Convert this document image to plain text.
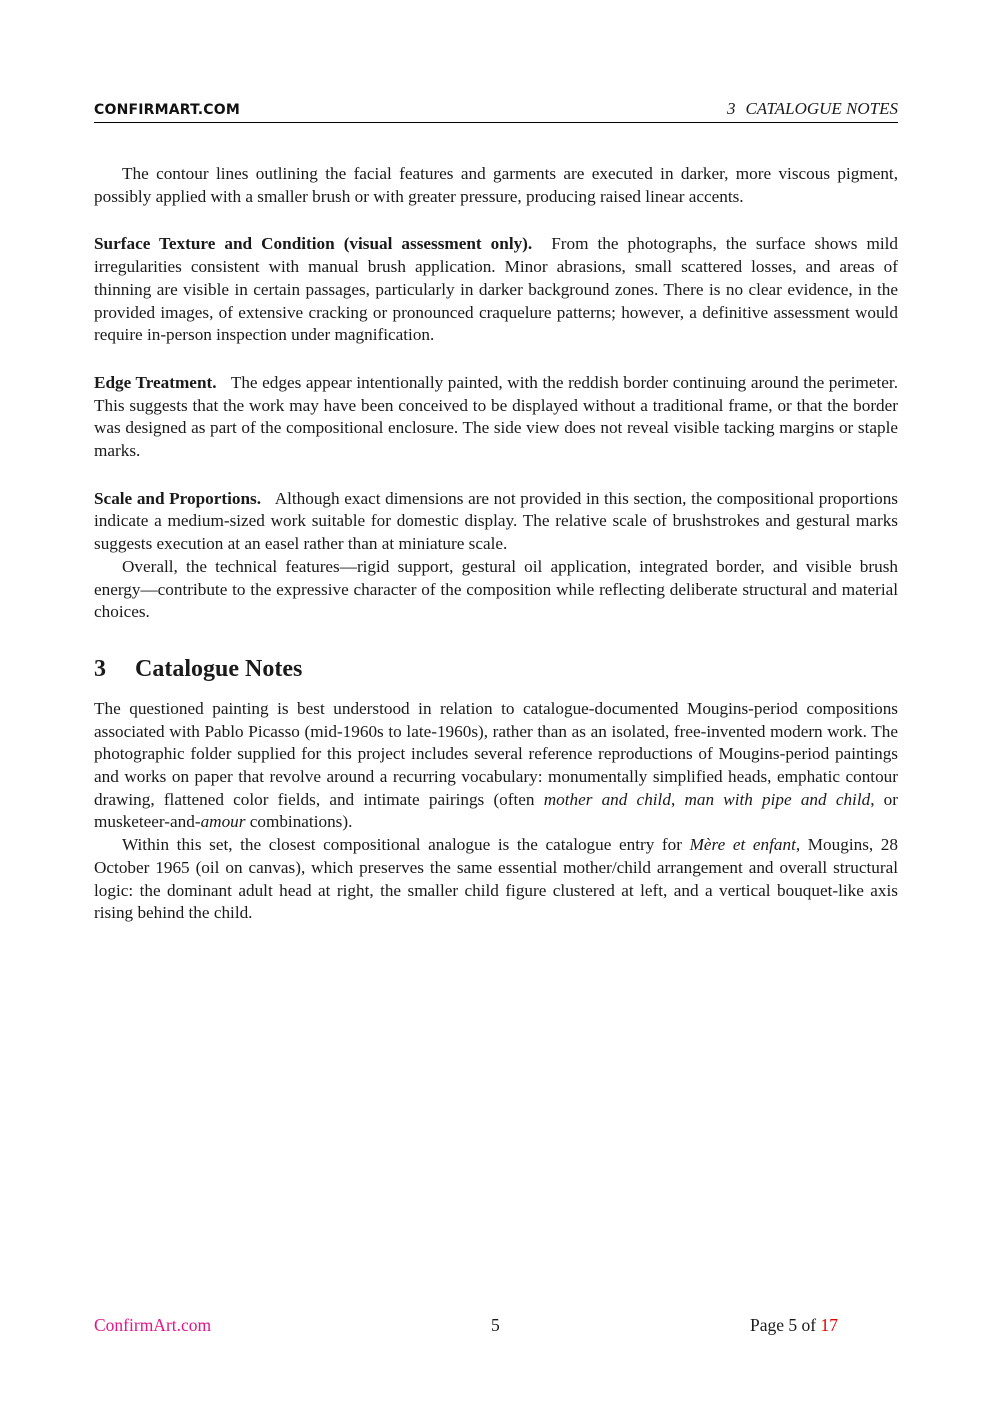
CONFIRMART.COM	3 CATALOGUE NOTES

The contour lines outlining the facial features and garments are executed in darker, more viscous pigment, possibly applied with a smaller brush or with greater pressure, producing raised linear accents.

Surface Texture and Condition (visual assessment only). From the photographs, the surface shows mild irregularities consistent with manual brush application. Minor abrasions, small scattered losses, and areas of thinning are visible in certain passages, particularly in darker background zones. There is no clear evidence, in the provided images, of extensive cracking or pronounced craquelure patterns; however, a definitive assessment would require in-person inspection under magnification.

Edge Treatment. The edges appear intentionally painted, with the reddish border continuing around the perimeter. This suggests that the work may have been conceived to be displayed without a traditional frame, or that the border was designed as part of the compositional enclosure. The side view does not reveal visible tacking margins or staple marks.

Scale and Proportions. Although exact dimensions are not provided in this section, the compositional proportions indicate a medium-sized work suitable for domestic display. The relative scale of brushstrokes and gestural marks suggests execution at an easel rather than at miniature scale.

Overall, the technical features—rigid support, gestural oil application, integrated border, and visible brush energy—contribute to the expressive character of the composition while reflecting deliberate structural and material choices.

3 Catalogue Notes

The questioned painting is best understood in relation to catalogue-documented Mougins-period compositions associated with Pablo Picasso (mid-1960s to late-1960s), rather than as an isolated, free-invented modern work. The photographic folder supplied for this project includes several reference reproductions of Mougins-period paintings and works on paper that revolve around a recurring vocabulary: monumentally simplified heads, emphatic contour drawing, flattened color fields, and intimate pairings (often mother and child, man with pipe and child, or musketeer-and-amour combinations).

Within this set, the closest compositional analogue is the catalogue entry for Mère et enfant, Mougins, 28 October 1965 (oil on canvas), which preserves the same essential mother/child arrangement and overall structural logic: the dominant adult head at right, the smaller child figure clustered at left, and a vertical bouquet-like axis rising behind the child.

ConfirmArt.com	5	Page 5 of 17
